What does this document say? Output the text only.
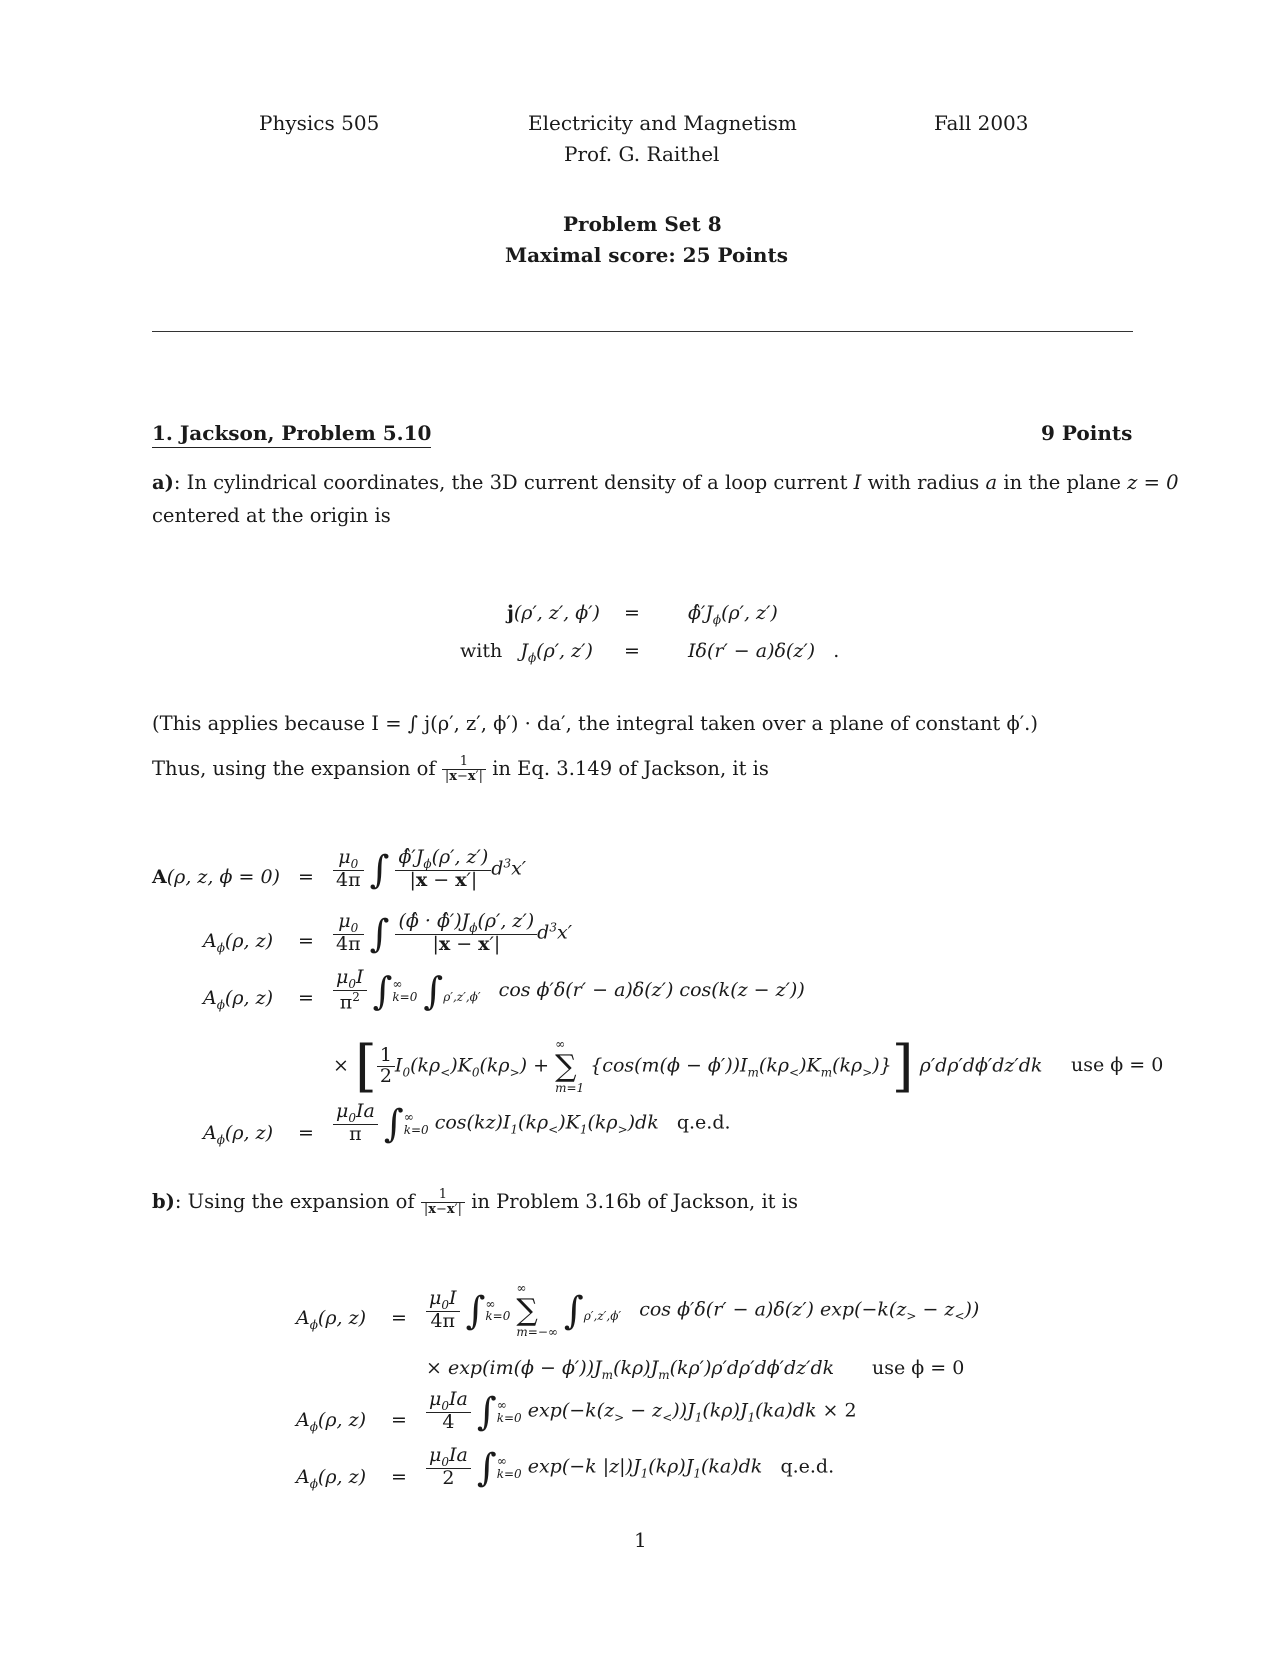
Physics 505	Electricity and Magnetism
Prof. G. Raithel
Fall 2003
Problem Set 8
Maximal score: 25 Points
1. Jackson, Problem 5.10	9 Points
a): In cylindrical coordinates, the 3D current density of a loop current I with radius a in the plane z = 0
centered at the origin is
j(ρ′, z′, ϕ′) =	$\phî'J_\phi(\rho'$, z′)
with   $J_\phi(\rho'$, z′) =	Iδ(r′ − a)δ(z′)   .
(This applies because I = ∫ j(ρ′, z′, ϕ′) · da′, the integral taken over a plane of constant ϕ′.)
Thus, using the expansion of $\frac{1}{|x-x'|}$ in Eq. 3.149 of Jackson, it is
A(ρ, z, $\phi = 0) = \frac{\mu_0}{4\pi}$ ∫ $\frac{\phî'J_\phi(\rho', z')}{|x - x'|} d^3x'$
$A_\phi(\rho$, $z) = \frac{\mu_0}{4\pi}$ ∫ $\frac{(\phî \cdot \phî')J_\phi(\rho', z')}{|x - x'|} d^3x'$
$A_\phi(\rho$, $z) = \frac{\mu_0I}{\pi^2}$ ∫ ∞
k=0 ∫
ρ′,z′,ϕ′ cos ϕ′δ(r′ − a)δ(z′) cos(k(z − z′))
× [ $\frac{1}{2} I_0(k\rho_<)K_0(k\rho_>)$ +
∞
∑
m=1
$\{\cos(m(\phi - \phi'))I_m(k\rho_<)K_m(k\rho_>)\}$] ρ′dρ′dϕ′dz′dk use ϕ = 0
$A_\phi(\rho$, $z) = \frac{\mu_0Ia}{\pi}$ ∫ ∞
k=0 $\cos(kz)I_1(k\rho_<)K_1(k\rho_>)dk$   q.e.d.
b): Using the expansion of $\frac{1}{|x-x'|}$ in Problem 3.16b of Jackson, it is
$A_\phi(\rho$, $z) = \frac{\mu_0I}{4\pi}$ ∫ ∞
k=0

∞
∑
m=−∞ ∫
ρ′,z′,ϕ′ cos ϕ′δ(r′ − a)δ(z′) $\exp(-k(z_> - z_<))$
× $\exp(im(\phi - \phi'))J_m(k\rho)J_m(k\rho')\rho'd\rho'd\phi'dz'dk$ use ϕ = 0
$A_\phi(\rho$, $z) = \frac{\mu_0Ia}{4}$ ∫ ∞
k=0 $\exp(-k(z_> - z_<))J_1(k\rho)J_1(ka)dk \times 2$
$A_\phi(\rho$, $z) = \frac{\mu_0Ia}{2}$ ∫ ∞
k=0 exp(−k $|z|)J_1(k\rho)J_1(ka)dk$   q.e.d.
1
